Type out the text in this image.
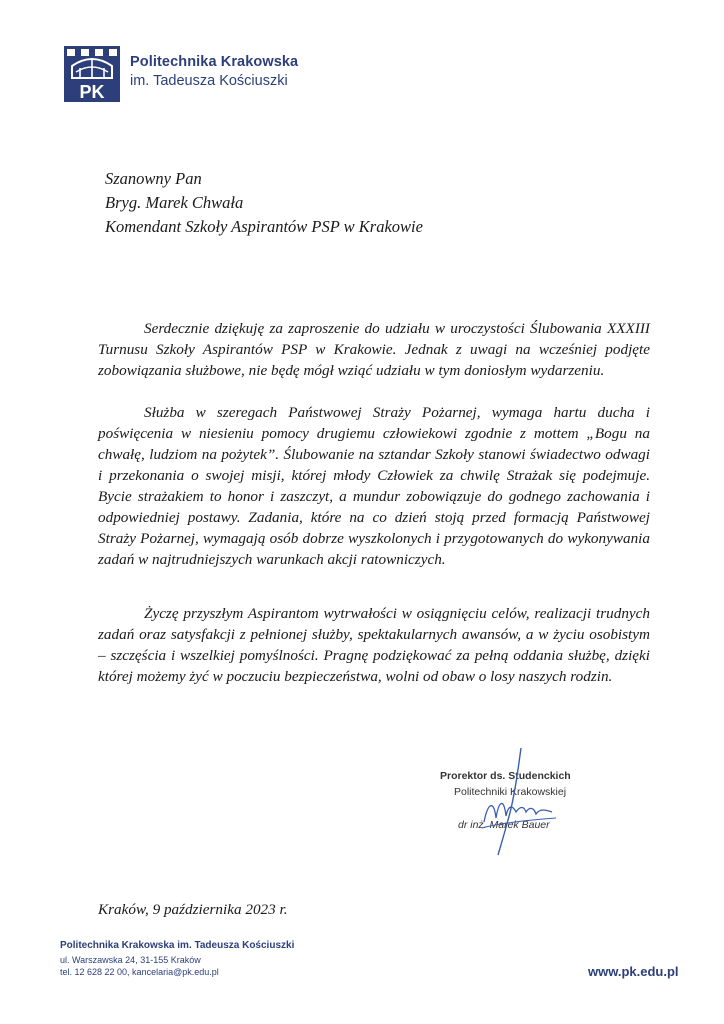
PK
Politechnika Krakowska
im. Tadeusza Kościuszki
Szanowny Pan
Bryg. Marek Chwała
Komendant Szkoły Aspirantów PSP w Krakowie

Serdecznie dziękuję za zaproszenie do udziału w uroczystości Ślubowania XXXIII Turnusu Szkoły Aspirantów PSP w Krakowie. Jednak z uwagi na wcześniej podjęte zobowiązania służbowe, nie będę mógł wziąć udziału w tym doniosłym wydarzeniu.

Służba w szeregach Państwowej Straży Pożarnej, wymaga hartu ducha i poświęcenia w niesieniu pomocy drugiemu człowiekowi zgodnie z mottem „Bogu na chwałę, ludziom na pożytek”. Ślubowanie na sztandar Szkoły stanowi świadectwo odwagi i przekonania o swojej misji, której młody Człowiek za chwilę Strażak się podejmuje. Bycie strażakiem to honor i zaszczyt, a mundur zobowiązuje do godnego zachowania i odpowiedniej postawy. Zadania, które na co dzień stoją przed formacją Państwowej Straży Pożarnej, wymagają osób dobrze wyszkolonych i przygotowanych do wykonywania zadań w najtrudniejszych warunkach akcji ratowniczych.

Życzę przyszłym Aspirantom wytrwałości w osiągnięciu celów, realizacji trudnych zadań oraz satysfakcji z pełnionej służby, spektakularnych awansów, a w życiu osobistym – szczęścia i wszelkiej pomyślności. Pragnę podziękować za pełną oddania służbę, dzięki której możemy żyć w poczuciu bezpieczeństwa, wolni od obaw o losy naszych rodzin.

Prorektor ds. Studenckich
Politechniki Krakowskiej
dr inż. Marek Bauer
Kraków, 9 października 2023 r.
Politechnika Krakowska im. Tadeusza Kościuszki
ul. Warszawska 24, 31-155 Kraków
tel. 12 628 22 00, kancelaria@pk.edu.pl	www.pk.edu.pl
